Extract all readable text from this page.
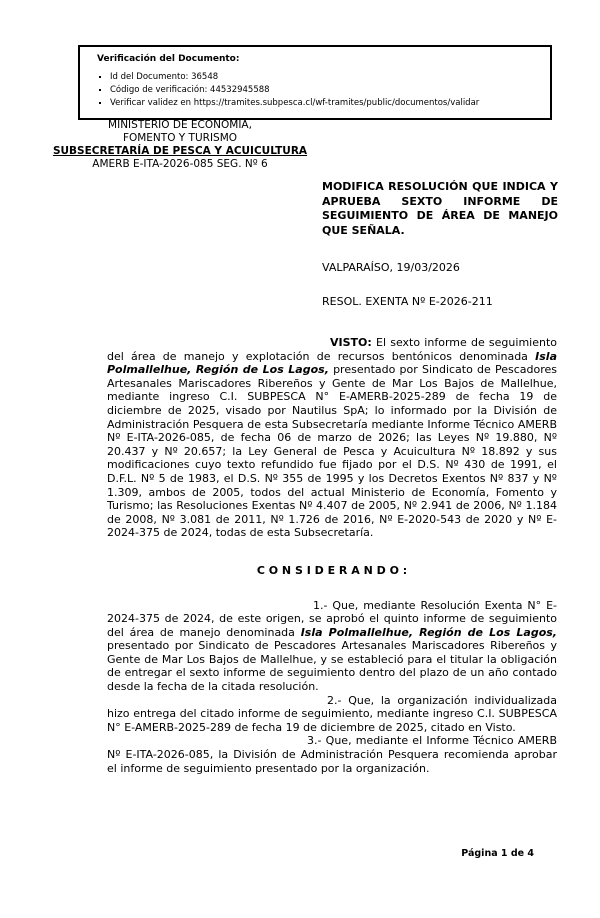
Verificación del Documento:
▪ Id del Documento: 36548
▪ Código de verificación: 44532945588
▪ Verificar validez en https://tramites.subpesca.cl/wf-tramites/public/documentos/validar
MINISTERIO DE ECONOMÍA,
FOMENTO Y TURISMO
SUBSECRETARÍA DE PESCA Y ACUICULTURA
AMERB E-ITA-2026-085 SEG. Nº 6
MODIFICA RESOLUCIÓN QUE INDICA Y APRUEBA SEXTO INFORME DE SEGUIMIENTO DE ÁREA DE MANEJO QUE SEÑALA.
VALPARAÍSO, 19/03/2026
RESOL. EXENTA Nº E-2026-211

VISTO: El sexto informe de seguimiento del área de manejo y explotación de recursos bentónicos denominada Isla Polmallelhue, Región de Los Lagos, presentado por Sindicato de Pescadores Artesanales Mariscadores Ribereños y Gente de Mar Los Bajos de Mallelhue, mediante ingreso C.I. SUBPESCA N° E-AMERB-2025-289 de fecha 19 de diciembre de 2025, visado por Nautilus SpA; lo informado por la División de Administración Pesquera de esta Subsecretaría mediante Informe Técnico AMERB Nº E-ITA-2026-085, de fecha 06 de marzo de 2026; las Leyes Nº 19.880, Nº 20.437 y Nº 20.657; la Ley General de Pesca y Acuicultura Nº 18.892 y sus modificaciones cuyo texto refundido fue fijado por el D.S. Nº 430 de 1991, el D.F.L. Nº 5 de 1983, el D.S. Nº 355 de 1995 y los Decretos Exentos Nº 837 y Nº 1.309, ambos de 2005, todos del actual Ministerio de Economía, Fomento y Turismo; las Resoluciones Exentas Nº 4.407 de 2005, Nº 2.941 de 2006, Nº 1.184 de 2008, Nº 3.081 de 2011, Nº 1.726 de 2016, Nº E-2020-543 de 2020 y Nº E-2024-375 de 2024, todas de esta Subsecretaría.

C O N S I D E R A N D O :

1.- Que, mediante Resolución Exenta N° E-2024-375 de 2024, de este origen, se aprobó el quinto informe de seguimiento del área de manejo denominada Isla Polmallelhue, Región de Los Lagos, presentado por Sindicato de Pescadores Artesanales Mariscadores Ribereños y Gente de Mar Los Bajos de Mallelhue, y se estableció para el titular la obligación de entregar el sexto informe de seguimiento dentro del plazo de un año contado desde la fecha de la citada resolución.

2.- Que, la organización individualizada hizo entrega del citado informe de seguimiento, mediante ingreso C.I. SUBPESCA N° E-AMERB-2025-289 de fecha 19 de diciembre de 2025, citado en Visto.

3.- Que, mediante el Informe Técnico AMERB Nº E-ITA-2026-085, la División de Administración Pesquera recomienda aprobar el informe de seguimiento presentado por la organización.

Página 1 de 4
